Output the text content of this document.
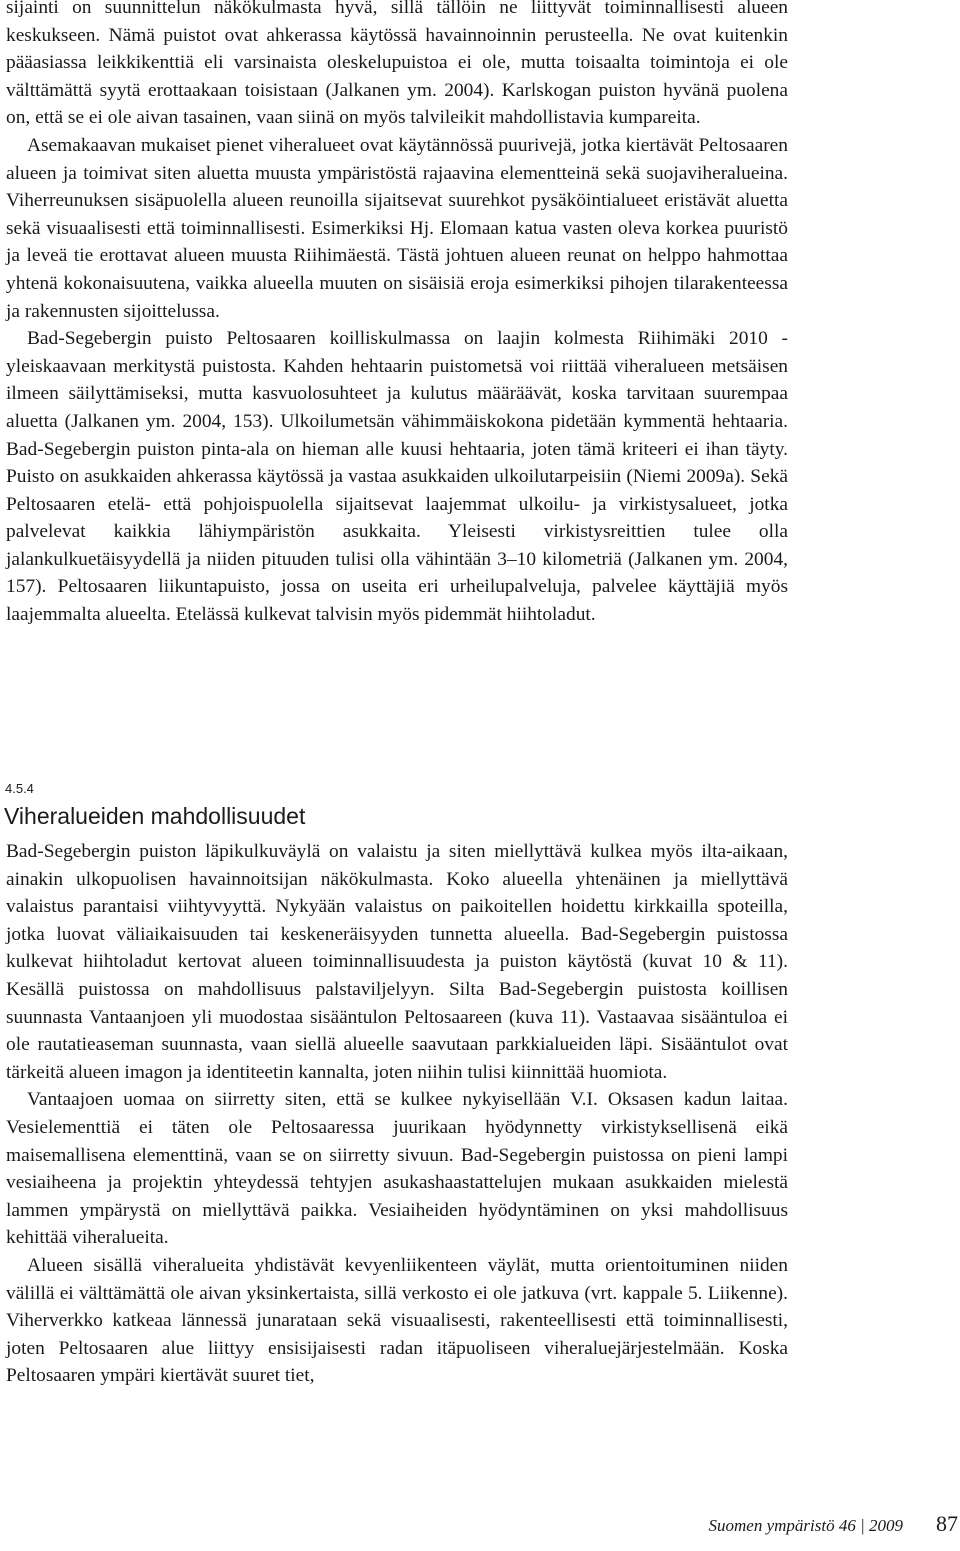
sijainti on suunnittelun näkökulmasta hyvä, sillä tällöin ne liittyvät toiminnallisesti alueen keskukseen. Nämä puistot ovat ahkerassa käytössä havainnoinnin perusteella. Ne ovat kuitenkin pääasiassa leikkikenttiä eli varsinaista oleskelupuistoa ei ole, mutta toisaalta toimintoja ei ole välttämättä syytä erottaakaan toisistaan (Jalkanen ym. 2004). Karlskogan puiston hyvänä puolena on, että se ei ole aivan tasainen, vaan siinä on myös talvileikit mahdollistavia kumpareita.

Asemakaavan mukaiset pienet viheralueet ovat käytännössä puurivejä, jotka kiertävät Peltosaaren alueen ja toimivat siten aluetta muusta ympäristöstä rajaavina elementteinä sekä suojaviheralueina. Viherreunuksen sisäpuolella alueen reunoilla sijaitsevat suurehkot pysäköintialueet eristävät aluetta sekä visuaalisesti että toiminnallisesti. Esimerkiksi Hj. Elomaan katua vasten oleva korkea puuristö ja leveä tie erottavat alueen muusta Riihimäestä. Tästä johtuen alueen reunat on helppo hahmottaa yhtenä kokonaisuutena, vaikka alueella muuten on sisäisiä eroja esimerkiksi pihojen tilarakenteessa ja rakennusten sijoittelussa.

Bad-Segebergin puisto Peltosaaren koilliskulmassa on laajin kolmesta Riihimäki 2010 -yleiskaavaan merkitystä puistosta. Kahden hehtaarin puistometsä voi riittää viheralueen metsäisen ilmeen säilyttämiseksi, mutta kasvuolosuhteet ja kulutus määräävät, koska tarvitaan suurempaa aluetta (Jalkanen ym. 2004, 153). Ulkoilumetsän vähimmäiskokona pidetään kymmentä hehtaaria. Bad-Segebergin puiston pinta-ala on hieman alle kuusi hehtaaria, joten tämä kriteeri ei ihan täyty. Puisto on asukkaiden ahkerassa käytössä ja vastaa asukkaiden ulkoilutarpeisiin (Niemi 2009a). Sekä Peltosaaren etelä- että pohjoispuolella sijaitsevat laajemmat ulkoilu- ja virkistysalueet, jotka palvelevat kaikkia lähiympäristön asukkaita. Yleisesti virkistysreittien tulee olla jalankulkuetäisyydellä ja niiden pituuden tulisi olla vähintään 3–10 kilometriä (Jalkanen ym. 2004, 157). Peltosaaren liikuntapuisto, jossa on useita eri urheilupalveluja, palvelee käyttäjiä myös laajemmalta alueelta. Etelässä kulkevat talvisin myös pidemmät hiihtoladut.

4.5.4
Viheralueiden mahdollisuudet

Bad-Segebergin puiston läpikulkuväylä on valaistu ja siten miellyttävä kulkea myös ilta-aikaan, ainakin ulkopuolisen havainnoitsijan näkökulmasta. Koko alueella yhtenäinen ja miellyttävä valaistus parantaisi viihtyvyyttä. Nykyään valaistus on paikoitellen hoidettu kirkkailla spoteilla, jotka luovat väliaikaisuuden tai keskeneräisyyden tunnetta alueella. Bad-Segebergin puistossa kulkevat hiihtoladut kertovat alueen toiminnallisuudesta ja puiston käytöstä (kuvat 10 & 11). Kesällä puistossa on mahdollisuus palstaviljelyyn. Silta Bad-Segebergin puistosta koillisen suunnasta Vantaanjoen yli muodostaa sisääntulon Peltosaareen (kuva 11). Vastaavaa sisääntuloa ei ole rautatieaseman suunnasta, vaan siellä alueelle saavutaan parkkialueiden läpi. Sisääntulot ovat tärkeitä alueen imagon ja identiteetin kannalta, joten niihin tulisi kiinnittää huomiota.

Vantaajoen uomaa on siirretty siten, että se kulkee nykyisellään V.I. Oksasen kadun laitaa. Vesielementtiä ei täten ole Peltosaaressa juurikaan hyödynnetty virkistyksellisenä eikä maisemallisena elementtinä, vaan se on siirretty sivuun. Bad-Segebergin puistossa on pieni lampi vesiaiheena ja projektin yhteydessä tehtyjen asukashaastattelujen mukaan asukkaiden mielestä lammen ympärystä on miellyttävä paikka. Vesiaiheiden hyödyntäminen on yksi mahdollisuus kehittää viheralueita.

Alueen sisällä viheralueita yhdistävät kevyenliikenteen väylät, mutta orientoituminen niiden välillä ei välttämättä ole aivan yksinkertaista, sillä verkosto ei ole jatkuva (vrt. kappale 5. Liikenne). Viherverkko katkeaa lännessä junarataan sekä visuaalisesti, rakenteellisesti että toiminnallisesti, joten Peltosaaren alue liittyy ensisijaisesti radan itäpuoliseen viheraluejärjestelmään. Koska Peltosaaren ympäri kiertävät suuret tiet,

Suomen ympäristö 46 | 2009 87
